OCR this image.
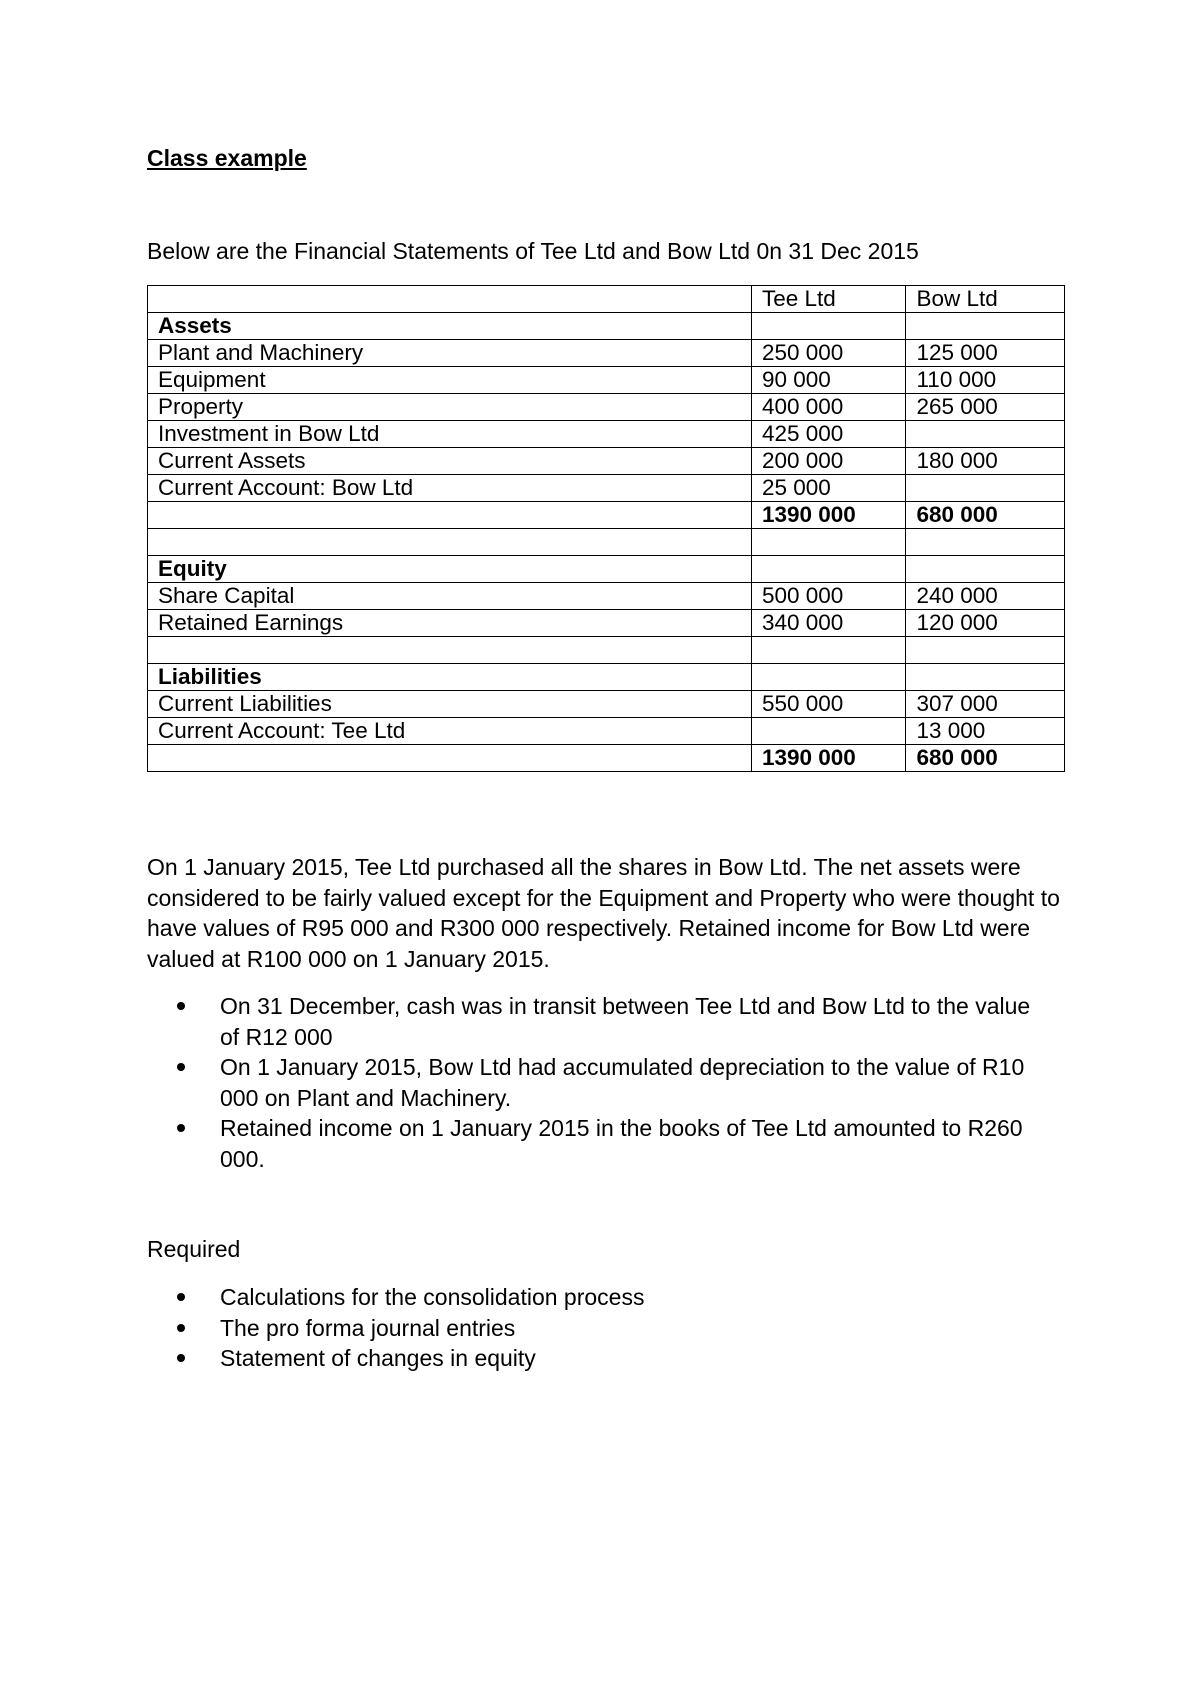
Class example

Below are the Financial Statements of Tee Ltd and Bow Ltd 0n 31 Dec 2015

	Tee Ltd	Bow Ltd
Assets		
Plant and Machinery	250 000	125 000
Equipment	90 000	110 000
Property	400 000	265 000
Investment in Bow Ltd	425 000	
Current Assets	200 000	180 000
Current Account: Bow Ltd	25 000	
	1390 000	680 000

Equity		
Share Capital	500 000	240 000
Retained Earnings	340 000	120 000

Liabilities		
Current Liabilities	550 000	307 000
Current Account: Tee Ltd		13 000
	1390 000	680 000

On 1 January 2015, Tee Ltd purchased all the shares in Bow Ltd. The net assets were considered to be fairly valued except for the Equipment and Property who were thought to have values of R95 000 and R300 000 respectively. Retained income for Bow Ltd were valued at R100 000 on 1 January 2015.

On 31 December, cash was in transit between Tee Ltd and Bow Ltd to the value of R12 000
On 1 January 2015, Bow Ltd had accumulated depreciation to the value of R10 000 on Plant and Machinery.
Retained income on 1 January 2015 in the books of Tee Ltd amounted to R260 000.

Required

Calculations for the consolidation process
The pro forma journal entries
Statement of changes in equity
